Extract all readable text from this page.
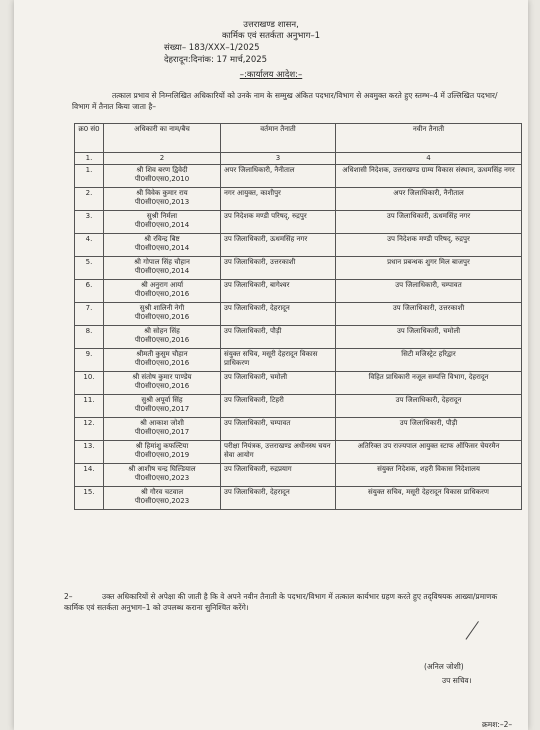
उत्तराखण्ड शासन,
कार्मिक एवं सतर्कता अनुभाग–1
संख्या– 183/XXX–1/2025
देहरादून:दिनांक: 17 मार्च,2025
–:कार्यालय आदेश:–
तत्काल प्रभाव से निम्नलिखित अधिकारियों को उनके नाम के सम्मुख अंकित पदभार/विभाग से अवमुक्त करते हुए स्तम्भ–4 में उल्लिखित पदभार/विभाग में तैनात किया जाता है–
क्र0 सं0	अधिकारी का नाम/बैच	वर्तमान तैनाती	नवीन तैनाती
1.	2	3	4
1.	श्री शिव बरण द्विवेदी
पी0सी0एस0,2010	अपर जिलाधिकारी, नैनीताल	अधिशासी निदेशक, उत्तराखण्ड ग्राम्य विकास संस्थान, ऊधमसिंह नगर
2.	श्री विवेक कुमार राय
पी0सी0एस0,2013	नगर आयुक्त, काशीपुर	अपर जिलाधिकारी, नैनीताल
3.	सुश्री निर्मला
पी0सी0एस0,2014	उप निदेशक मण्डी परिषद्, रुद्रपुर	उप जिलाधिकारी, ऊधमसिंह नगर
4.	श्री रविन्द्र बिष्ट
पी0सी0एस0,2014	उप जिलाधिकारी, ऊधमसिंह नगर	उप निदेशक मण्डी परिषद्, रुद्रपुर
5.	श्री गोपाल सिंह चौहान
पी0सी0एस0,2014	उप जिलाधिकारी, उत्तरकाशी	प्रधान प्रबन्धक शुगर मिल बाजपुर
6.	श्री अनुराग आर्या
पी0सी0एस0,2016	उप जिलाधिकारी, बागेश्वर	उप जिलाधिकारी, चम्पावत
7.	सुश्री शालिनी नेगी
पी0सी0एस0,2016	उप जिलाधिकारी, देहरादून	उप जिलाधिकारी, उत्तरकाशी
8.	श्री सोहन सिंह
पी0सी0एस0,2016	उप जिलाधिकारी, पौड़ी	उप जिलाधिकारी, चमोली
9.	श्रीमती कुसुम चौहान
पी0सी0एस0,2016	संयुक्त सचिव, मसूरी देहरादून विकास प्राधिकरण	सिटी मजिस्ट्रेट हरिद्वार
10.	श्री संतोष कुमार पाण्डेय
पी0सी0एस0,2016	उप जिलाधिकारी, चमोली	विहित प्राधिकारी नजूल सम्पत्ति विभाग, देहरादून
11.	सुश्री अपूर्वा सिंह
पी0सी0एस0,2017	उप जिलाधिकारी, टिहरी	उप जिलाधिकारी, देहरादून
12.	श्री आकाश जोशी
पी0सी0एस0,2017	उप जिलाधिकारी, चम्पावत	उप जिलाधिकारी, पौड़ी
13.	श्री हिमांशु कफल्टिया
पी0सी0एस0,2019	परीक्षा नियंत्रक, उत्तराखण्ड अधीनस्थ चयन सेवा आयोग	अतिरिक्त उप राज्यपाल आयुक्त स्टाफ ऑफिसर चेयरमैन
14.	श्री आशीष चन्द्र घिल्डियाल
पी0सी0एस0,2023	उप जिलाधिकारी, रुद्रप्रयाग	संयुक्त निदेशक, शहरी विकास निदेशालय
15.	श्री गौरव चटवाल
पी0सी0एस0,2023	उप जिलाधिकारी, देहरादून	संयुक्त सचिव, मसूरी देहरादून विकास प्राधिकरण
2–	उक्त अधिकारियों से अपेक्षा की जाती है कि वे अपने नवीन तैनाती के पदभार/विभाग में तत्काल कार्यभार ग्रहण करते हुए तद्‌विषयक आख्या/प्रमाणक कार्मिक एवं सतर्कता अनुभाग–1 को उपलब्ध कराना सुनिश्चित करेंगे।
(अनिल जोशी)
उप सचिव।
क्रमश:–2–
